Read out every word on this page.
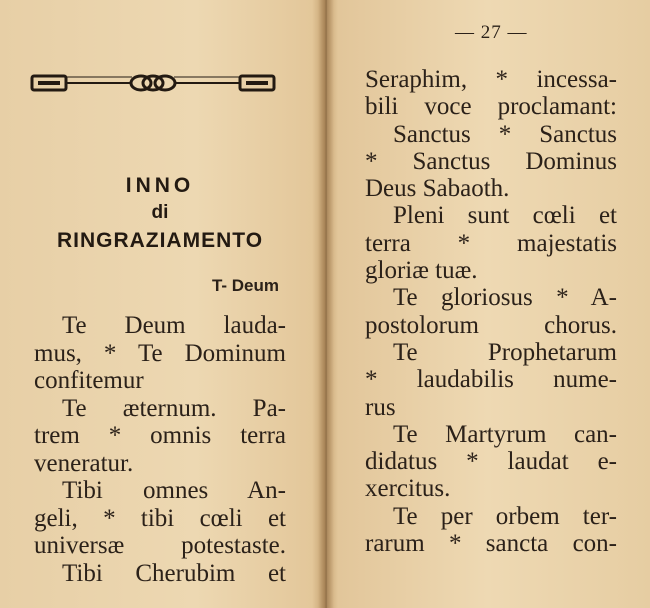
INNO
di
RINGRAZIAMENTO
T- Deum
Te Deum lauda-
mus, * Te Dominum
confitemur
Te æternum. Pa-
trem * omnis terra
veneratur.
Tibi omnes An-
geli, * tibi cœli et
universæ potestaste.
Tibi Cherubim et
— 27 —
Seraphim, * incessa-
bili voce proclamant:
Sanctus * Sanctus
* Sanctus Dominus
Deus Sabaoth.
Pleni sunt cœli et
terra * majestatis
gloriæ tuæ.
Te gloriosus * A-
postolorum chorus.
Te Prophetarum
* laudabilis nume-
rus
Te Martyrum can-
didatus * laudat e-
xercitus.
Te per orbem ter-
rarum * sancta con-
